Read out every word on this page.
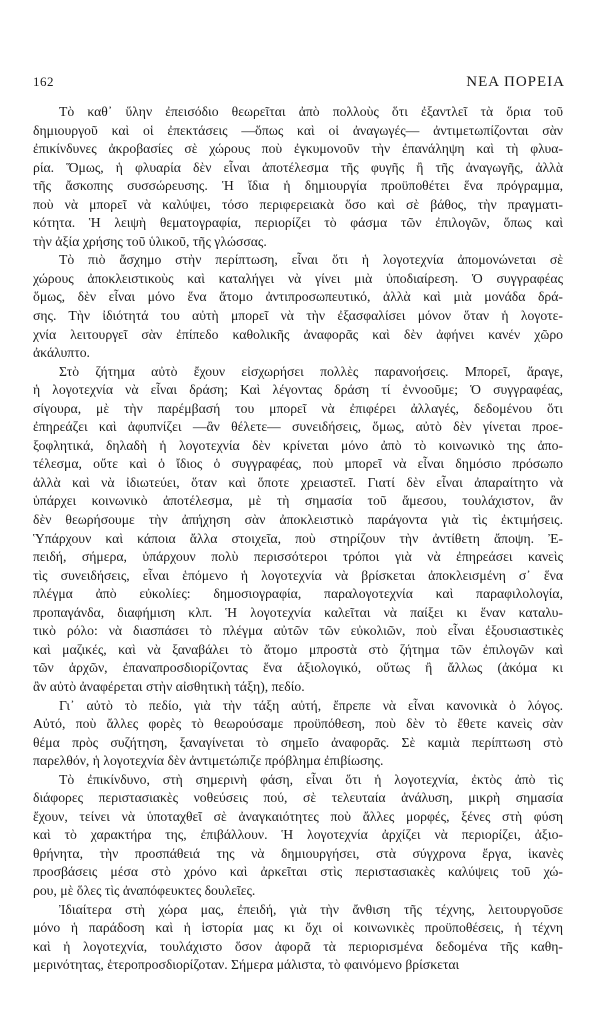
162	ΝΕΑ ΠΟΡΕΙΑ
Τὸ καθ᾽ ὕλην ἐπεισόδιο θεωρεῖται ἀπὸ πολλοὺς ὅτι ἐξαντλεῖ τὰ ὅρια τοῦ
δημιουργοῦ καὶ οἱ ἐπεκτάσεις —ὅπως καὶ οἱ ἀναγωγές— ἀντιμετωπίζονται σὰν
ἐπικίνδυνες ἀκροβασίες σὲ χώρους ποὺ ἐγκυμονοῦν τὴν ἐπανάληψη καὶ τὴ φλυα-
ρία. Ὅμως, ἡ φλυαρία δὲν εἶναι ἀποτέλεσμα τῆς φυγῆς ἢ τῆς ἀναγωγῆς, ἀλλὰ
τῆς ἄσκοπης συσσώρευσης. Ἡ ἴδια ἡ δημιουργία προϋποθέτει ἕνα πρόγραμμα,
ποὺ νὰ μπορεῖ νὰ καλύψει, τόσο περιφερειακὰ ὅσο καὶ σὲ βάθος, τὴν πραγματι-
κότητα. Ἡ λειψὴ θεματογραφία, περιορίζει τὸ φάσμα τῶν ἐπιλογῶν, ὅπως καὶ
τὴν ἀξία χρήσης τοῦ ὑλικοῦ, τῆς γλώσσας.
Τὸ πιὸ ἄσχημο στὴν περίπτωση, εἶναι ὅτι ἡ λογοτεχνία ἀπομονώνεται σὲ
χώρους ἀποκλειστικοὺς καὶ καταλήγει νὰ γίνει μιὰ ὑποδιαίρεση. Ὁ συγγραφέας
ὅμως, δὲν εἶναι μόνο ἕνα ἄτομο ἀντιπροσωπευτικό, ἀλλὰ καὶ μιὰ μονάδα δρά-
σης. Τὴν ἰδιότητά του αὐτὴ μπορεῖ νὰ τὴν ἐξασφαλίσει μόνον ὅταν ἡ λογοτε-
χνία λειτουργεῖ σὰν ἐπίπεδο καθολικῆς ἀναφορᾶς καὶ δὲν ἀφήνει κανέν χῶρο
ἀκάλυπτο.
Στὸ ζήτημα αὐτὸ ἔχουν εἰσχωρήσει πολλὲς παρανοήσεις. Μπορεῖ, ἄραγε,
ἡ λογοτεχνία νὰ εἶναι δράση; Καὶ λέγοντας δράση τί ἐννοοῦμε; Ὁ συγγραφέας,
σίγουρα, μὲ τὴν παρέμβασή του μπορεῖ νὰ ἐπιφέρει ἀλλαγές, δεδομένου ὅτι
ἐπηρεάζει καὶ ἀφυπνίζει —ἂν θέλετε— συνειδήσεις, ὅμως, αὐτὸ δὲν γίνεται προε-
ξοφλητικά, δηλαδὴ ἡ λογοτεχνία δὲν κρίνεται μόνο ἀπὸ τὸ κοινωνικὸ της ἀπο-
τέλεσμα, οὔτε καὶ ὁ ἴδιος ὁ συγγραφέας, ποὺ μπορεῖ νὰ εἶναι δημόσιο πρόσωπο
ἀλλὰ καὶ νὰ ἰδιωτεύει, ὅταν καὶ ὅποτε χρειαστεῖ. Γιατί δὲν εἶναι ἀπαραίτητο νὰ
ὑπάρχει κοινωνικὸ ἀποτέλεσμα, μὲ τὴ σημασία τοῦ ἄμεσου, τουλάχιστον, ἂν
δὲν θεωρήσουμε τὴν ἀπήχηση σὰν ἀποκλειστικὸ παράγοντα γιὰ τὶς ἐκτιμήσεις.
Ὑπάρχουν καὶ κάποια ἄλλα στοιχεῖα, ποὺ στηρίζουν τὴν ἀντίθετη ἄποψη. Ἐ-
πειδή, σήμερα, ὑπάρχουν πολὺ περισσότεροι τρόποι γιὰ νὰ ἐπηρεάσει κανεὶς
τὶς συνειδήσεις, εἶναι ἑπόμενο ἡ λογοτεχνία νὰ βρίσκεται ἀποκλεισμένη σ᾽ ἕνα
πλέγμα ἀπὸ εὐκολίες: δημοσιογραφία, παραλογοτεχνία καὶ παραφιλολογία,
προπαγάνδα, διαφήμιση κλπ. Ἡ λογοτεχνία καλεῖται νὰ παίξει κι ἕναν καταλυ-
τικὸ ρόλο: νὰ διασπάσει τὸ πλέγμα αὐτῶν τῶν εὐκολιῶν, ποὺ εἶναι ἐξουσιαστικὲς
καὶ μαζικές, καὶ νὰ ξαναβάλει τὸ ἄτομο μπροστὰ στὸ ζήτημα τῶν ἐπιλογῶν καὶ
τῶν ἀρχῶν, ἐπαναπροσδιορίζοντας ἕνα ἀξιολογικό, οὕτως ἢ ἄλλως (ἀκόμα κι
ἂν αὐτὸ ἀναφέρεται στὴν αἰσθητικὴ τάξη), πεδίο.
Γι᾽ αὐτὸ τὸ πεδίο, γιὰ τὴν τάξη αὐτή, ἔπρεπε νὰ εἶναι κανονικὰ ὁ λόγος.
Αὐτό, ποὺ ἄλλες φορὲς τὸ θεωρούσαμε προϋπόθεση, ποὺ δὲν τὸ ἔθετε κανεὶς σὰν
θέμα πρὸς συζήτηση, ξαναγίνεται τὸ σημεῖο ἀναφορᾶς. Σὲ καμιὰ περίπτωση στὸ
παρελθόν, ἡ λογοτεχνία δὲν ἀντιμετώπιζε πρόβλημα ἐπιβίωσης.
Τὸ ἐπικίνδυνο, στὴ σημερινὴ φάση, εἶναι ὅτι ἡ λογοτεχνία, ἐκτὸς ἀπὸ τὶς
διάφορες περιστασιακὲς νοθεύσεις πού, σὲ τελευταία ἀνάλυση, μικρὴ σημασία
ἔχουν, τείνει νὰ ὑποταχθεῖ σὲ ἀναγκαιότητες ποὺ ἄλλες μορφές, ξένες στὴ φύση
καὶ τὸ χαρακτήρα της, ἐπιβάλλουν. Ἡ λογοτεχνία ἀρχίζει νὰ περιορίζει, ἀξιο-
θρήνητα, τὴν προσπάθειά της νὰ δημιουργήσει, στὰ σύγχρονα ἔργα, ἱκανὲς
προσβάσεις μέσα στὸ χρόνο καὶ ἀρκεῖται στὶς περιστασιακὲς καλύψεις τοῦ χώ-
ρου, μὲ ὅλες τὶς ἀναπόφευκτες δουλεῖες.
Ἰδιαίτερα στὴ χώρα μας, ἐπειδή, γιὰ τὴν ἄνθιση τῆς τέχνης, λειτουργοῦσε
μόνο ἡ παράδοση καὶ ἡ ἱστορία μας κι ὄχι οἱ κοινωνικὲς προϋποθέσεις, ἡ τέχνη
καὶ ἡ λογοτεχνία, τουλάχιστο ὅσον ἀφορᾶ τὰ περιορισμένα δεδομένα τῆς καθη-
μερινότητας, ἑτεροπροσδιορίζοταν. Σήμερα μάλιστα, τὸ φαινόμενο βρίσκεται
